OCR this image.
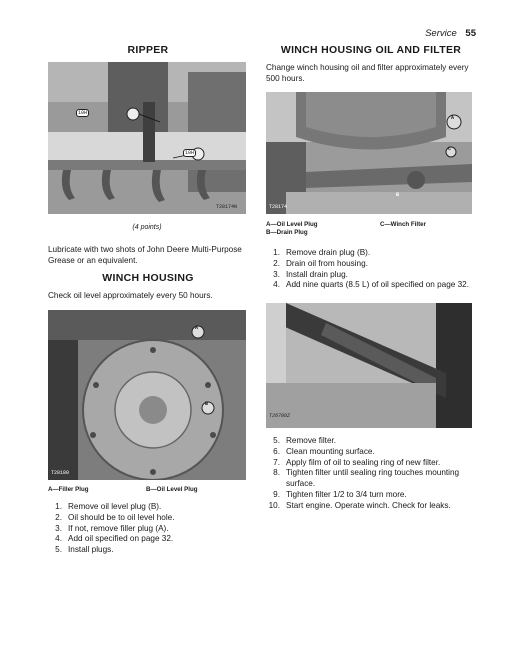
Service 55
RIPPER
10H
10H
T28174N
(4 points)

Lubricate with two shots of John Deere Multi-Purpose Grease or an equivalent.

WINCH HOUSING

Check oil level approximately every 50 hours.

A
B
T28180
A—Filler Plug	B—Oil Level Plug
1. Remove oil level plug (B).
2. Oil should be to oil level hole.
3. If not, remove filler plug (A).
4. Add oil specified on page 32.
5. Install plugs.
WINCH HOUSING OIL AND FILTER

Change winch housing oil and filter approximately every 500 hours.

A
C
B
T28174
A—Oil Level Plug
B—Drain Plug
C—Winch Filter
1. Remove drain plug (B).
2. Drain oil from housing.
3. Install drain plug.
4. Add nine quarts (8.5 L) of oil specified on page 32.
T26708Z
5. Remove filter.
6. Clean mounting surface.
7. Apply film of oil to sealing ring of new filter.
8. Tighten filter until sealing ring touches mounting surface.
9. Tighten filter 1/2 to 3/4 turn more.
10. Start engine. Operate winch. Check for leaks.
